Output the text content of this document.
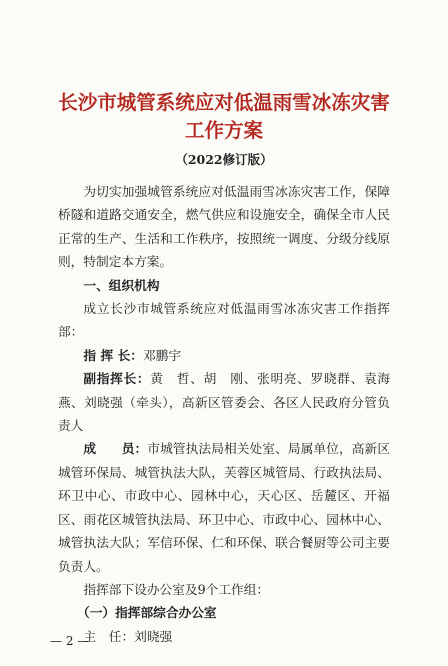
长沙市城管系统应对低温雨雪冰冻灾害
工作方案
（2022修订版）

为切实加强城管系统应对低温雨雪冰冻灾害工作，保障桥隧和道路交通安全，燃气供应和设施安全，确保全市人民正常的生产、生活和工作秩序，按照统一调度、分级分线原则，特制定本方案。

一、组织机构

成立长沙市城管系统应对低温雨雪冰冻灾害工作指挥部：

指 挥 长：邓鹏宇

副指挥长：黄　哲、胡　刚、张明亮、罗晓群、袁海燕、刘晓强（牵头），高新区管委会、各区人民政府分管负责人

成　　员：市城管执法局相关处室、局属单位，高新区城管环保局、城管执法大队，芙蓉区城管局、行政执法局、环卫中心、市政中心、园林中心，天心区、岳麓区、开福区、雨花区城管执法局、环卫中心、市政中心、园林中心、城管执法大队；军信环保、仁和环保、联合餐厨等公司主要负责人。

指挥部下设办公室及9个工作组：

（一）指挥部综合办公室

主　任：刘晓强

— 2 —
